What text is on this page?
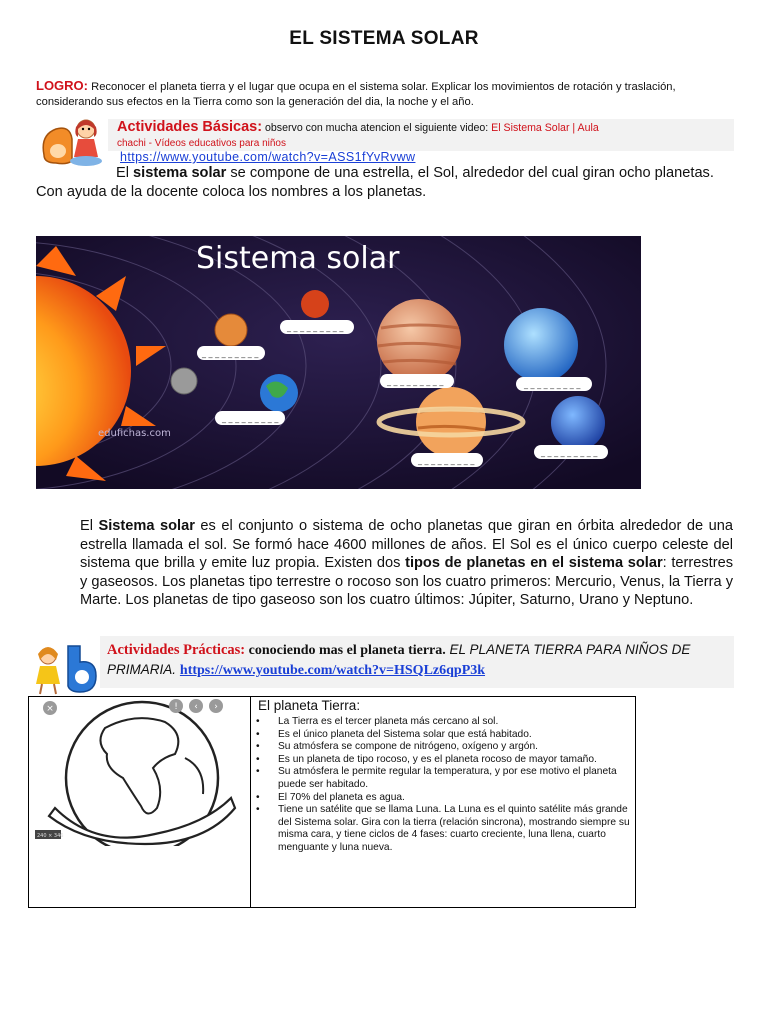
EL SISTEMA SOLAR
LOGRO: Reconocer el planeta tierra y el lugar que ocupa en el sistema solar. Explicar los movimientos de rotación y traslación, considerando sus efectos en la Tierra como son la generación del dia, la noche y el año.
Actividades Básicas: observo con mucha atencion el siguiente video: El Sistema Solar | Aula
chachi - Vídeos educativos para niños
https://www.youtube.com/watch?v=ASS1fYvRvww
El sistema solar se compone de una estrella, el Sol, alrededor del cual giran ocho planetas.
Con ayuda de la docente coloca los nombres a los planetas.
Sistema solar
edufichas.com
_ _ _ _ _ _ _ _ _
_ _ _ _ _ _ _ _ _
_ _ _ _ _ _ _ _ _
_ _ _ _ _ _ _ _ _	_ _ _ _ _ _ _ _ _
_ _ _ _ _ _ _ _ _
_ _ _ _ _ _ _ _ _
El Sistema solar es el conjunto o sistema de ocho planetas que giran en órbita alrededor de una estrella llamada el sol. Se formó hace 4600 millones de años. El Sol es el único cuerpo celeste del sistema que brilla y emite luz propia. Existen dos tipos de planetas en el sistema solar: terrestres y gaseosos. Los planetas tipo terrestre o rocoso son los cuatro primeros: Mercurio, Venus, la Tierra y Marte. Los planetas de tipo gaseoso son los cuatro últimos: Júpiter, Saturno, Urano y Neptuno.
Actividades Prácticas: conociendo mas el planeta tierra. EL PLANETA TIERRA PARA NIÑOS DE PRIMARIA. https://www.youtube.com/watch?v=HSQLz6qpP3k
×	! ‹ ›
240 × 346
El planeta Tierra:
• La Tierra es el tercer planeta más cercano al sol.
• Es el único planeta del Sistema solar que está habitado.
• Su atmósfera se compone de nitrógeno, oxígeno y argón.
• Es un planeta de tipo rocoso, y es el planeta rocoso de mayor tamaño.
• Su atmósfera le permite regular la temperatura, y por ese motivo el planeta puede ser habitado.
• El 70% del planeta es agua.
• Tiene un satélite que se llama Luna. La Luna es el quinto satélite más grande del Sistema solar. Gira con la tierra (relación sincrona), mostrando siempre su misma cara, y tiene ciclos de 4 fases: cuarto creciente, luna llena, cuarto menguante y luna nueva.
